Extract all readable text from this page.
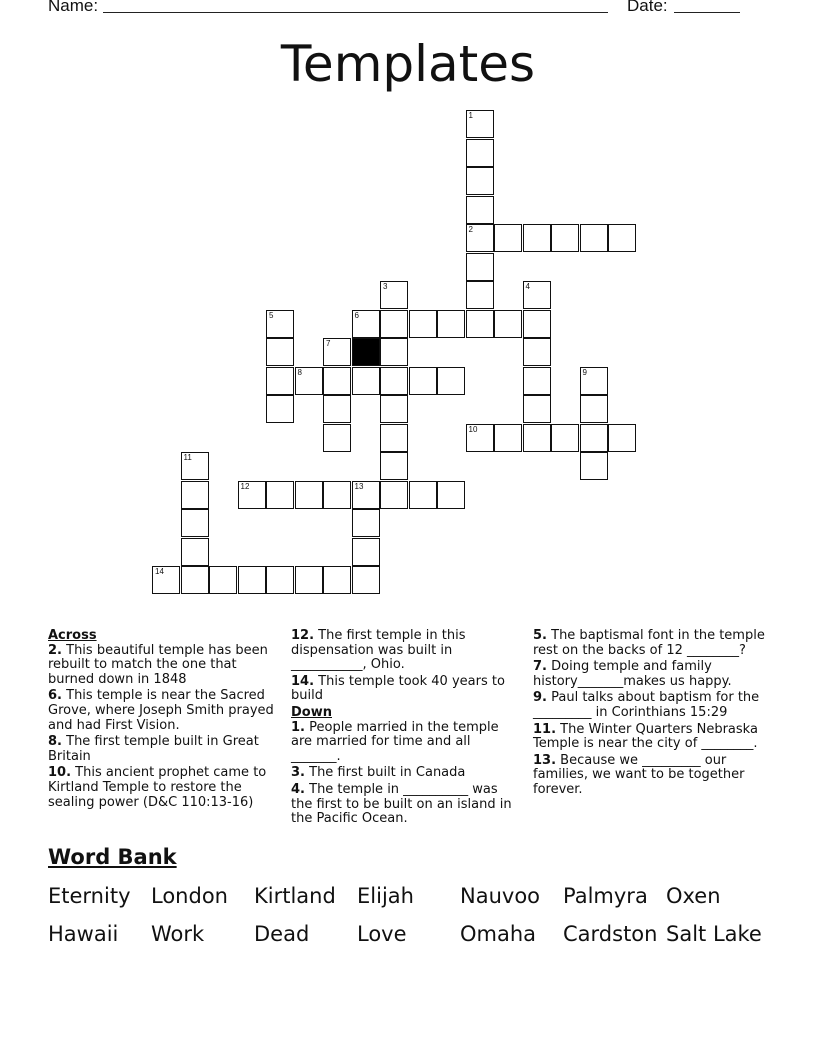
Name:	Date:
Templates
1
2
3	4
5	6
7
8	9
10
11
12	13
14
Across
2. This beautiful temple has been rebuilt to match the one that burned down in 1848
6. This temple is near the Sacred Grove, where Joseph Smith prayed and had First Vision.
8. The first temple built in Great Britain
10. This ancient prophet came to Kirtland Temple to restore the sealing power (D&C 110:13-16)
12. The first temple in this dispensation was built in ___________, Ohio.
14. This temple took 40 years to build
Down
1. People married in the temple are married for time and all _______.
3. The first built in Canada
4. The temple in __________ was the first to be built on an island in the Pacific Ocean.
5. The baptismal font in the temple rest on the backs of 12 ________?
7. Doing temple and family history_______makes us happy.
9. Paul talks about baptism for the _________ in Corinthians 15:29
11. The Winter Quarters Nebraska Temple is near the city of ________.
13. Because we _________ our families, we want to be together forever.
Word Bank
Eternity London Kirtland Elijah Nauvoo Palmyra Oxen
Hawaii Work Dead Love	Omaha Cardston Salt Lake
